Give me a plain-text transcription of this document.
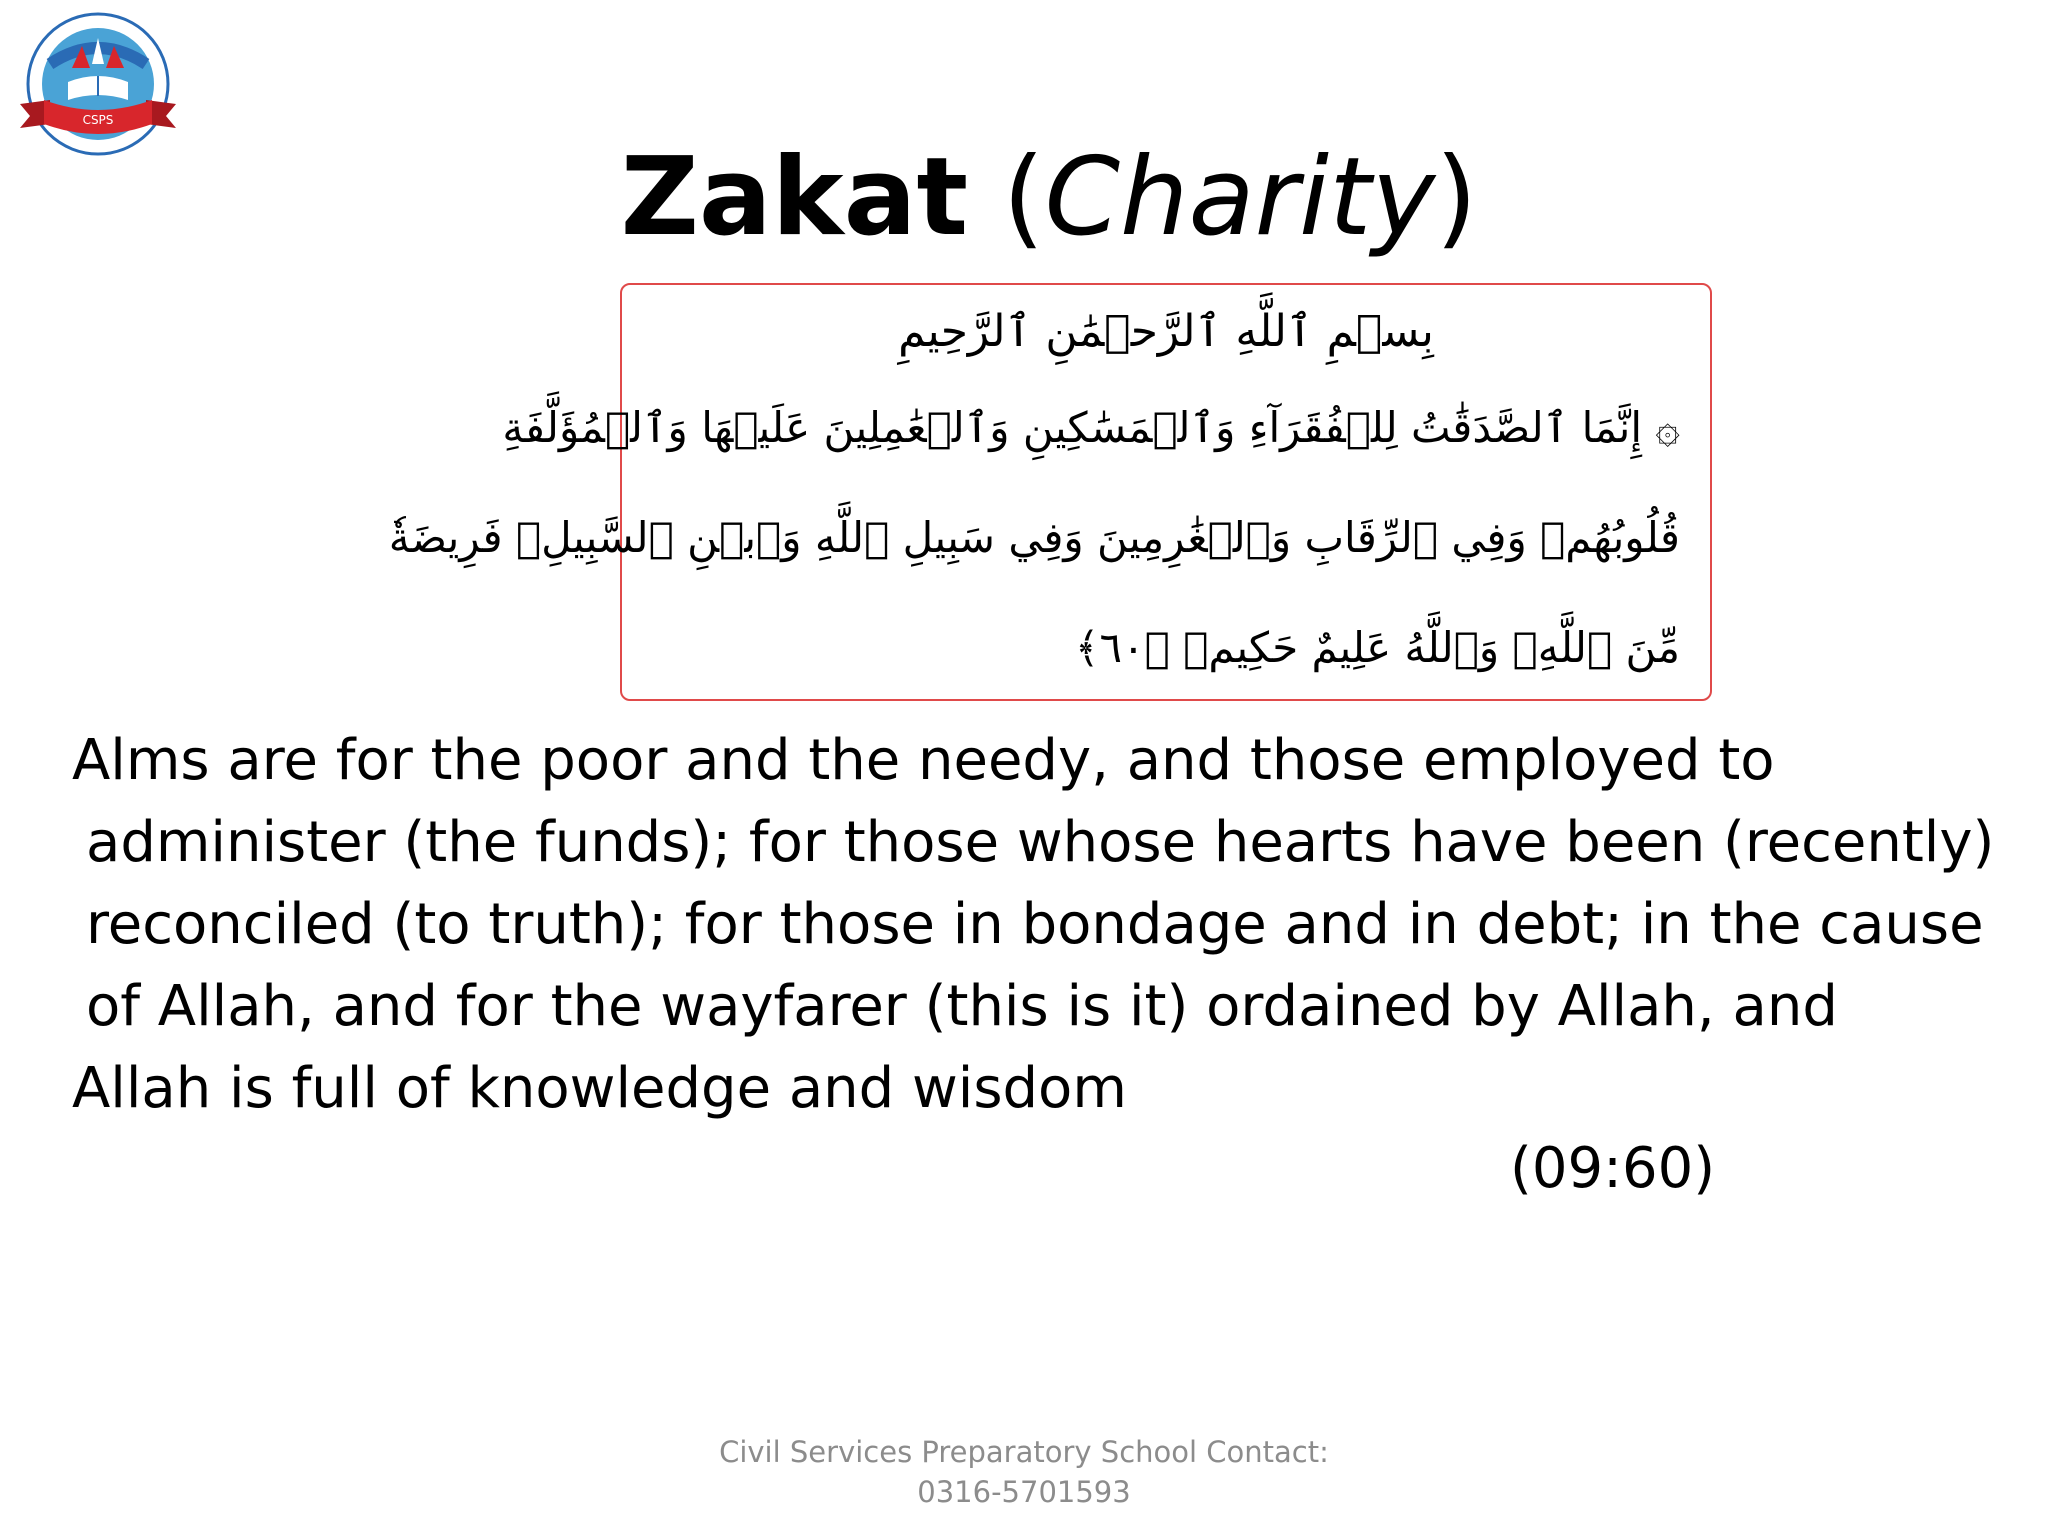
CSPS
Zakat (Charity)
بِسۡمِ ٱللَّهِ ٱلرَّحۡمَٰنِ ٱلرَّحِيمِ
۞ إِنَّمَا ٱلصَّدَقَٰتُ لِلۡفُقَرَآءِ وَٱلۡمَسَٰكِينِ وَٱلۡعَٰمِلِينَ عَلَيۡهَا وَٱلۡمُؤَلَّفَةِ
قُلُوبُهُمۡ وَفِي ٱلرِّقَابِ وَٱلۡغَٰرِمِينَ وَفِي سَبِيلِ ٱللَّهِ وَٱبۡنِ ٱلسَّبِيلِۖ فَرِيضَةٗ
مِّنَ ٱللَّهِۗ وَٱللَّهُ عَلِيمٌ حَكِيمٞ ﴿٦٠﴾
Alms are for the poor and the needy, and those employed to
administer (the funds); for those whose hearts have been (recently)
reconciled (to truth); for those in bondage and in debt; in the cause
of Allah, and for the wayfarer (this is it) ordained by Allah, and
Allah is full of knowledge and wisdom
(09:60)
Civil Services Preparatory School Contact:
0316-5701593
